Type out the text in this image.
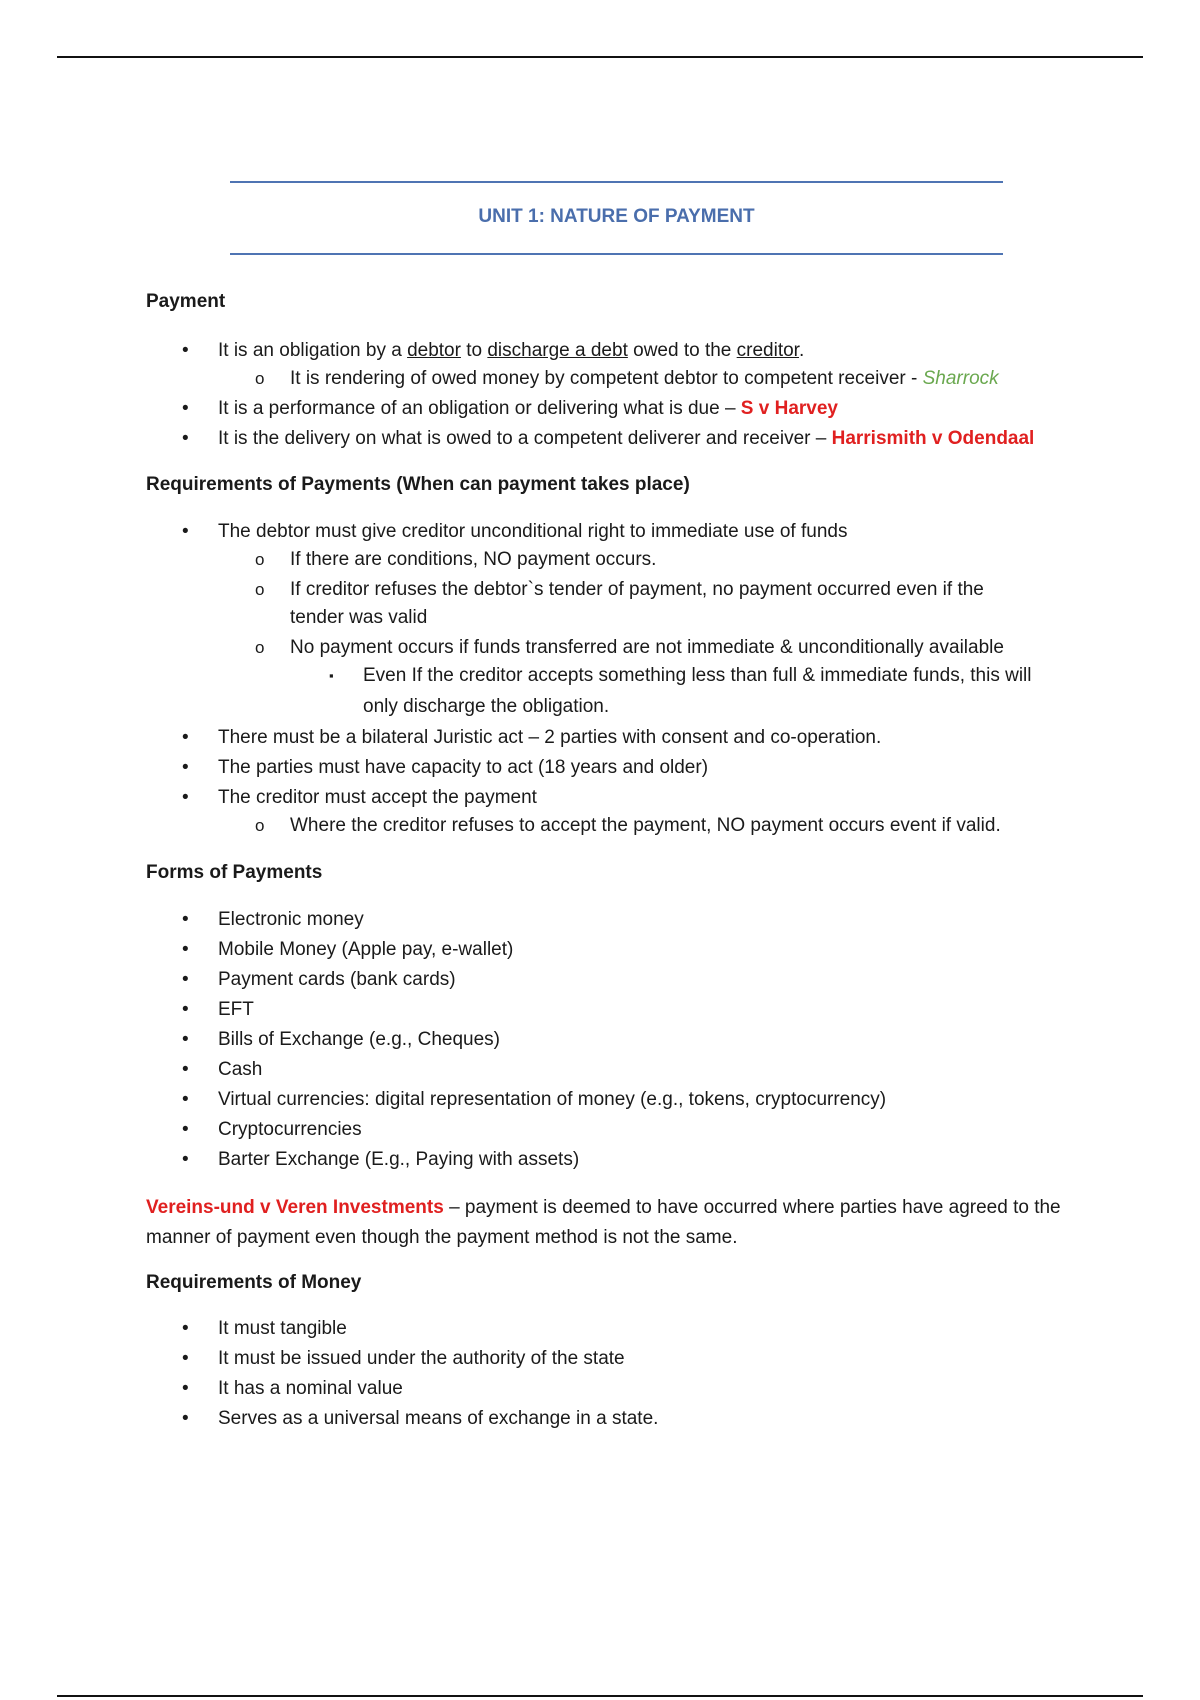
UNIT 1: NATURE OF PAYMENT
Payment
• It is an obligation by a debtor to discharge a debt owed to the creditor.
o It is rendering of owed money by competent debtor to competent receiver - Sharrock
• It is a performance of an obligation or delivering what is due – S v Harvey
• It is the delivery on what is owed to a competent deliverer and receiver – Harrismith v Odendaal
Requirements of Payments (When can payment takes place)
• The debtor must give creditor unconditional right to immediate use of funds
o If there are conditions, NO payment occurs.
o If creditor refuses the debtor`s tender of payment, no payment occurred even if the
tender was valid
o No payment occurs if funds transferred are not immediate & unconditionally available
▪ Even If the creditor accepts something less than full & immediate funds, this will
only discharge the obligation.
• There must be a bilateral Juristic act – 2 parties with consent and co-operation.
• The parties must have capacity to act (18 years and older)
• The creditor must accept the payment
o Where the creditor refuses to accept the payment, NO payment occurs event if valid.
Forms of Payments
• Electronic money
• Mobile Money (Apple pay, e-wallet)
• Payment cards (bank cards)
• EFT
• Bills of Exchange (e.g., Cheques)
• Cash
• Virtual currencies: digital representation of money (e.g., tokens, cryptocurrency)
• Cryptocurrencies
• Barter Exchange (E.g., Paying with assets)
Vereins-und v Veren Investments – payment is deemed to have occurred where parties have agreed to the manner of payment even though the payment method is not the same.
Requirements of Money
• It must tangible
• It must be issued under the authority of the state
• It has a nominal value
• Serves as a universal means of exchange in a state.
